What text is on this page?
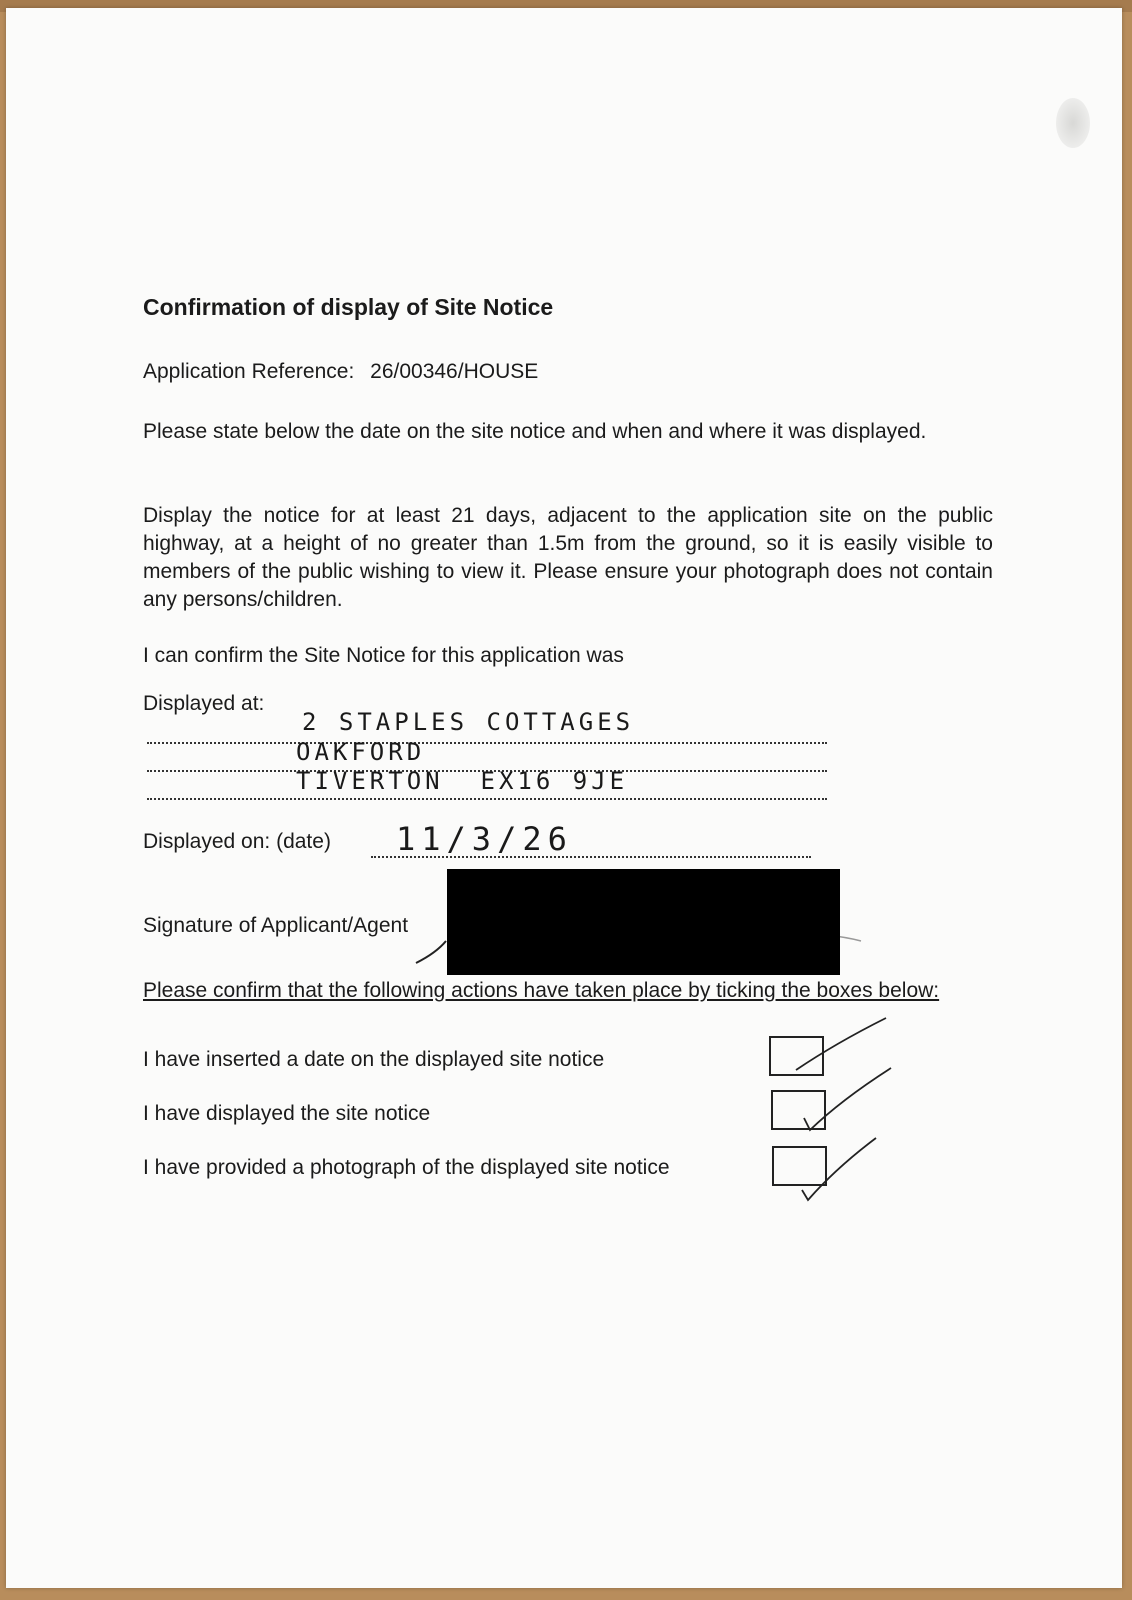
Confirmation of display of Site Notice
Application Reference: 26/00346/HOUSE

Please state below the date on the site notice and when and where it was displayed.

Display the notice for at least 21 days, adjacent to the application site on the public highway, at a height of no greater than 1.5m from the ground, so it is easily visible to members of the public wishing to view it. Please ensure your photograph does not contain any persons/children.

I can confirm the Site Notice for this application was

Displayed at:
2 STAPLES COTTAGES
OAKFORD
TIVERTON  EX16 9JE
Displayed on: (date) 11/3/26
Signature of Applicant/Agent

Please confirm that the following actions have taken place by ticking the boxes below:

I have inserted a date on the displayed site notice
I have displayed the site notice
I have provided a photograph of the displayed site notice
